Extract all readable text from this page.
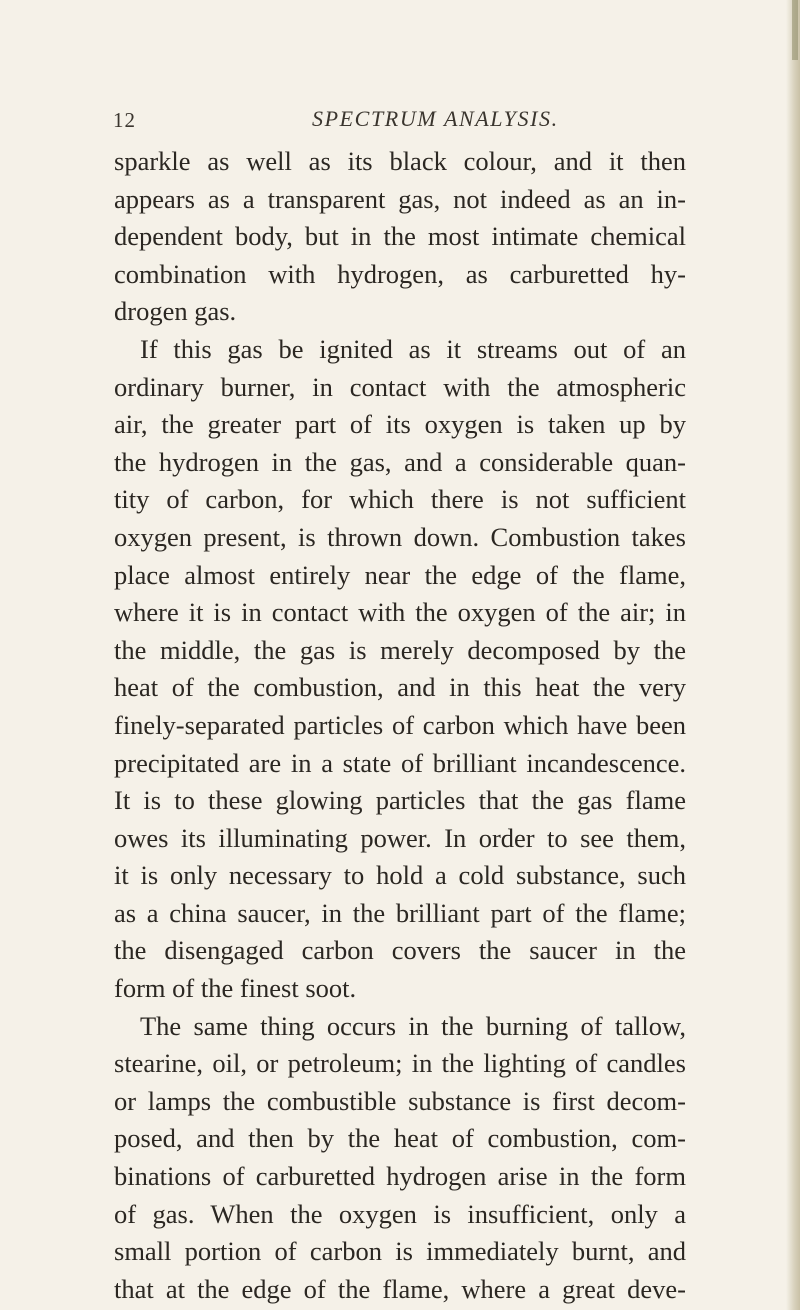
12	SPECTRUM ANALYSIS.
sparkle as well as its black colour, and it then
appears as a transparent gas, not indeed as an in-
dependent body, but in the most intimate chemical
combination with hydrogen, as carburetted hy-
drogen gas.
If this gas be ignited as it streams out of an
ordinary burner, in contact with the atmospheric
air, the greater part of its oxygen is taken up by
the hydrogen in the gas, and a considerable quan-
tity of carbon, for which there is not sufficient
oxygen present, is thrown down. Combustion takes
place almost entirely near the edge of the flame,
where it is in contact with the oxygen of the air; in
the middle, the gas is merely decomposed by the
heat of the combustion, and in this heat the very
finely-separated particles of carbon which have been
precipitated are in a state of brilliant incandescence.
It is to these glowing particles that the gas flame
owes its illuminating power. In order to see them,
it is only necessary to hold a cold substance, such
as a china saucer, in the brilliant part of the flame;
the disengaged carbon covers the saucer in the
form of the finest soot.
The same thing occurs in the burning of tallow,
stearine, oil, or petroleum; in the lighting of candles
or lamps the combustible substance is first decom-
posed, and then by the heat of combustion, com-
binations of carburetted hydrogen arise in the form
of gas. When the oxygen is insufficient, only a
small portion of carbon is immediately burnt, and
that at the edge of the flame, where a great deve-
